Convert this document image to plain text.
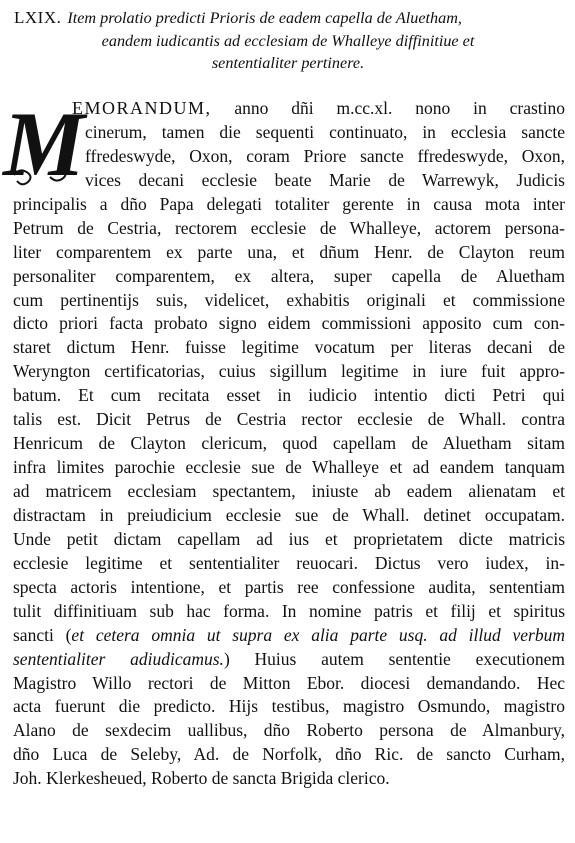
LXIX. Item prolatio predicti Prioris de eadem capella de Aluetham,
eandem iudicantis ad ecclesiam de Whalleye diffinitiue et
sententialiter pertinere.
M
EMORANDUM, anno dñi m.cc.xl. nono in crastino
cinerum, tamen die sequenti continuato, in ecclesia sancte
ffredeswyde, Oxon, coram Priore sancte ffredeswyde, Oxon,
vices decani ecclesie beate Marie de Warrewyk, Judicis
principalis a dño Papa delegati totaliter gerente in causa mota inter
Petrum de Cestria, rectorem ecclesie de Whalleye, actorem persona-
liter comparentem ex parte una, et dñum Henr. de Clayton reum
personaliter comparentem, ex altera, super capella de Aluetham
cum pertinentijs suis, videlicet, exhabitis originali et commissione
dicto priori facta probato signo eidem commissioni apposito cum con-
staret dictum Henr. fuisse legitime vocatum per literas decani de
Weryngton certificatorias, cuius sigillum legitime in iure fuit appro-
batum. Et cum recitata esset in iudicio intentio dicti Petri qui
talis est. Dicit Petrus de Cestria rector ecclesie de Whall. contra
Henricum de Clayton clericum, quod capellam de Aluetham sitam
infra limites parochie ecclesie sue de Whalleye et ad eandem tanquam
ad matricem ecclesiam spectantem, iniuste ab eadem alienatam et
distractam in preiudicium ecclesie sue de Whall. detinet occupatam.
Unde petit dictam capellam ad ius et proprietatem dicte matricis
ecclesie legitime et sententialiter reuocari. Dictus vero iudex, in-
specta actoris intentione, et partis ree confessione audita, sententiam
tulit diffinitiuam sub hac forma. In nomine patris et filij et spiritus
sancti (et cetera omnia ut supra ex alia parte usq. ad illud verbum
sententialiter adiudicamus.) Huius autem sententie executionem
Magistro Willo rectori de Mitton Ebor. diocesi demandando. Hec
acta fuerunt die predicto. Hijs testibus, magistro Osmundo, magistro
Alano de sexdecim uallibus, dño Roberto persona de Almanbury,
dño Luca de Seleby, Ad. de Norfolk, dño Ric. de sancto Curham,
Joh. Klerkesheued, Roberto de sancta Brigida clerico.
